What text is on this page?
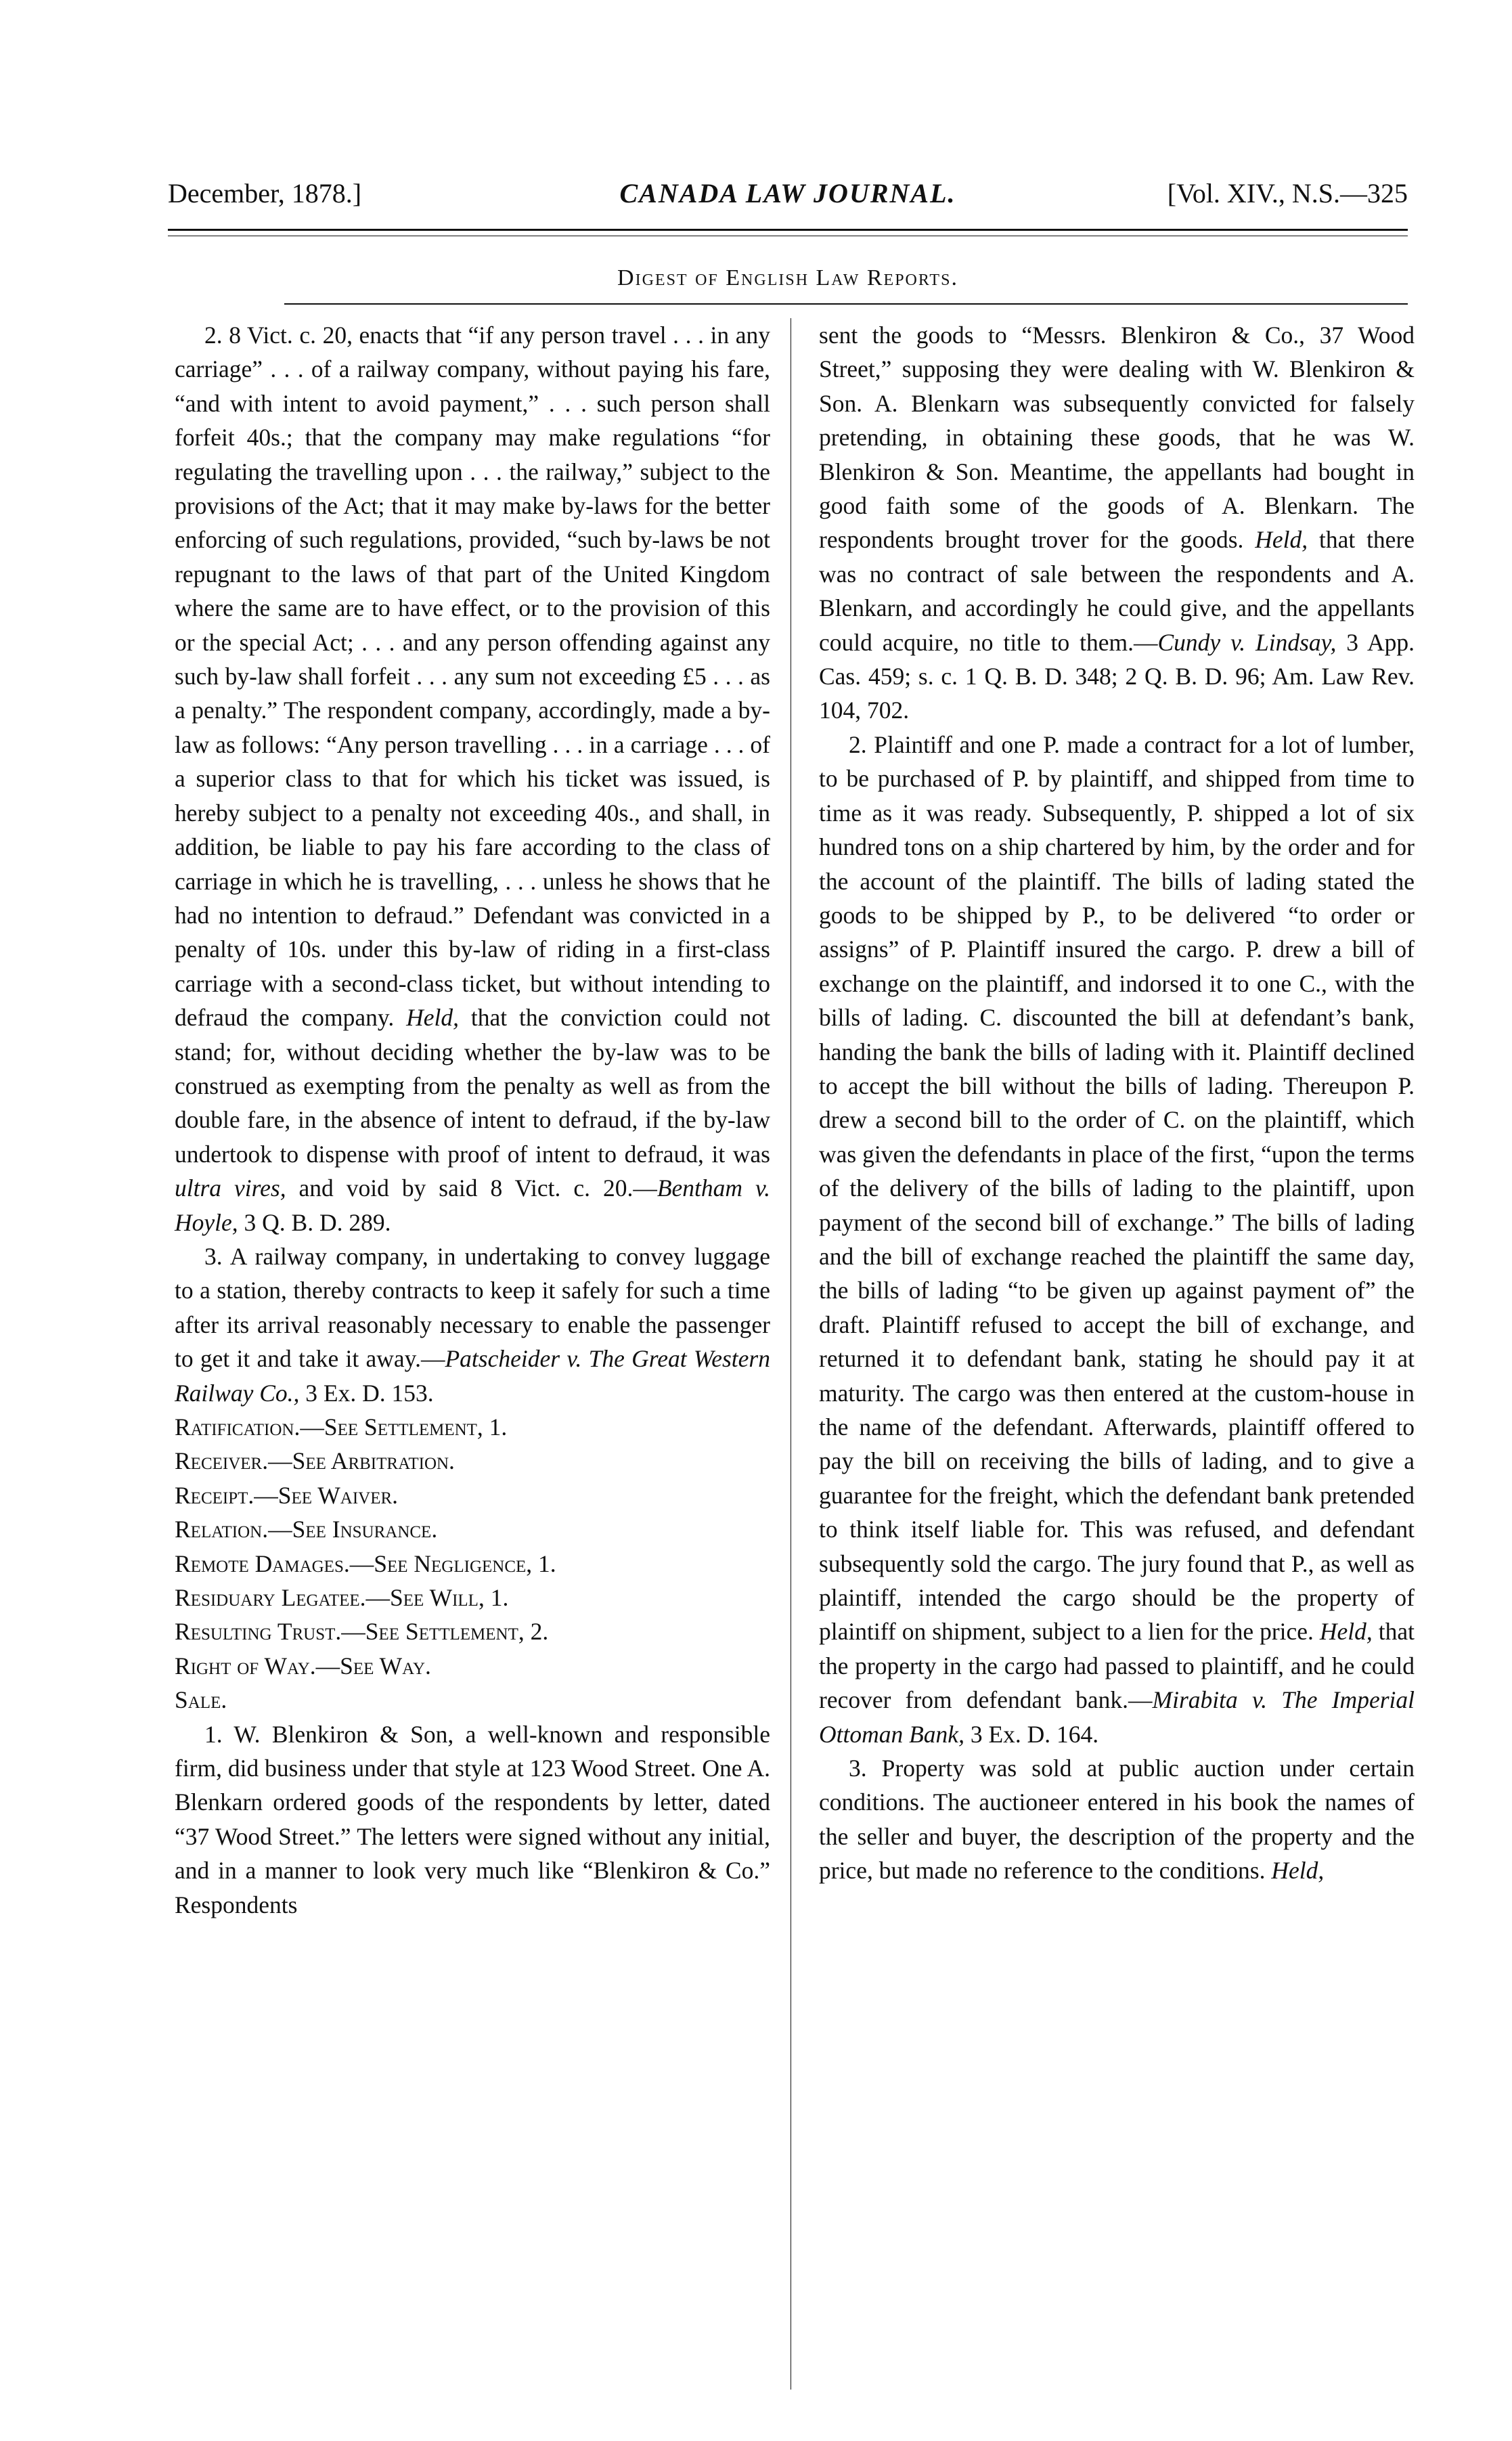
December, 1878.]	CANADA LAW JOURNAL.	[Vol. XIV., N.S.—325
Digest of English Law Reports.

2. 8 Vict. c. 20, enacts that “if any person travel . . . in any carriage” . . . of a railway company, without paying his fare, “and with intent to avoid payment,” . . . such person shall forfeit 40s.; that the company may make regulations “for regulating the travelling upon . . . the railway,” subject to the provisions of the Act; that it may make by-laws for the better enforcing of such regulations, provided, “such by-laws be not repugnant to the laws of that part of the United Kingdom where the same are to have effect, or to the provision of this or the special Act; . . . and any person offending against any such by-law shall forfeit . . . any sum not exceeding £5 . . . as a penalty.” The respondent company, accordingly, made a by-law as follows: “Any person travelling . . . in a carriage . . . of a superior class to that for which his ticket was issued, is hereby subject to a penalty not exceeding 40s., and shall, in addition, be liable to pay his fare according to the class of carriage in which he is travelling, . . . unless he shows that he had no intention to defraud.” Defendant was convicted in a penalty of 10s. under this by-law of riding in a first-class carriage with a second-class ticket, but without intending to defraud the company. Held, that the conviction could not stand; for, without deciding whether the by-law was to be construed as exempting from the penalty as well as from the double fare, in the absence of intent to defraud, if the by-law undertook to dispense with proof of intent to defraud, it was ultra vires, and void by said 8 Vict. c. 20.—Bentham v. Hoyle, 3 Q. B. D. 289.

3. A railway company, in undertaking to convey luggage to a station, thereby contracts to keep it safely for such a time after its arrival reasonably necessary to enable the passenger to get it and take it away.—Patscheider v. The Great Western Railway Co., 3 Ex. D. 153.

Ratification.—See Settlement, 1.

Receiver.—See Arbitration.

Receipt.—See Waiver.

Relation.—See Insurance.

Remote Damages.—See Negligence, 1.

Residuary Legatee.—See Will, 1.

Resulting Trust.—See Settlement, 2.

Right of Way.—See Way.

Sale.

1. W. Blenkiron & Son, a well-known and responsible firm, did business under that style at 123 Wood Street. One A. Blenkarn ordered goods of the respondents by letter, dated “37 Wood Street.” The letters were signed without any initial, and in a manner to look very much like “Blenkiron & Co.” Respondents

sent the goods to “Messrs. Blenkiron & Co., 37 Wood Street,” supposing they were dealing with W. Blenkiron & Son. A. Blenkarn was subsequently convicted for falsely pretending, in obtaining these goods, that he was W. Blenkiron & Son. Meantime, the appellants had bought in good faith some of the goods of A. Blenkarn. The respondents brought trover for the goods. Held, that there was no contract of sale between the respondents and A. Blenkarn, and accordingly he could give, and the appellants could acquire, no title to them.—Cundy v. Lindsay, 3 App. Cas. 459; s. c. 1 Q. B. D. 348; 2 Q. B. D. 96; Am. Law Rev. 104, 702.

2. Plaintiff and one P. made a contract for a lot of lumber, to be purchased of P. by plaintiff, and shipped from time to time as it was ready. Subsequently, P. shipped a lot of six hundred tons on a ship chartered by him, by the order and for the account of the plaintiff. The bills of lading stated the goods to be shipped by P., to be delivered “to order or assigns” of P. Plaintiff insured the cargo. P. drew a bill of exchange on the plaintiff, and indorsed it to one C., with the bills of lading. C. discounted the bill at defendant’s bank, handing the bank the bills of lading with it. Plaintiff declined to accept the bill without the bills of lading. Thereupon P. drew a second bill to the order of C. on the plaintiff, which was given the defendants in place of the first, “upon the terms of the delivery of the bills of lading to the plaintiff, upon payment of the second bill of exchange.” The bills of lading and the bill of exchange reached the plaintiff the same day, the bills of lading “to be given up against payment of” the draft. Plaintiff refused to accept the bill of exchange, and returned it to defendant bank, stating he should pay it at maturity. The cargo was then entered at the custom-house in the name of the defendant. Afterwards, plaintiff offered to pay the bill on receiving the bills of lading, and to give a guarantee for the freight, which the defendant bank pretended to think itself liable for. This was refused, and defendant subsequently sold the cargo. The jury found that P., as well as plaintiff, intended the cargo should be the property of plaintiff on shipment, subject to a lien for the price. Held, that the property in the cargo had passed to plaintiff, and he could recover from defendant bank.—Mirabita v. The Imperial Ottoman Bank, 3 Ex. D. 164.

3. Property was sold at public auction under certain conditions. The auctioneer entered in his book the names of the seller and buyer, the description of the property and the price, but made no reference to the conditions. Held,
